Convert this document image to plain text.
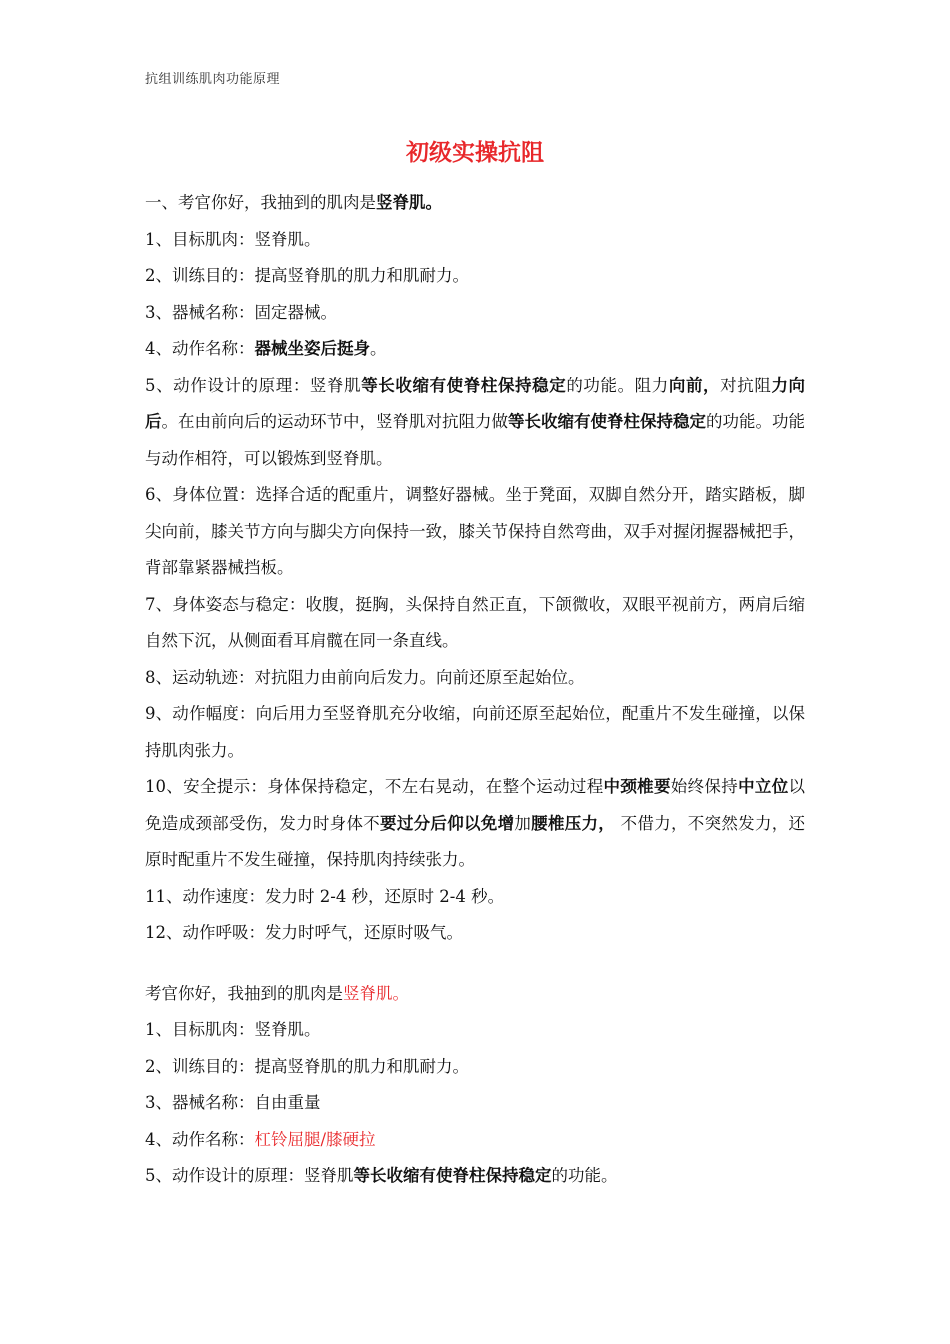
抗组训练肌肉功能原理
初级实操抗阻

一、考官你好，我抽到的肌肉是竖脊肌。

1、目标肌肉：竖脊肌。

2、训练目的：提高竖脊肌的肌力和肌耐力。

3、器械名称：固定器械。

4、动作名称：器械坐姿后挺身。

5、动作设计的原理：竖脊肌等长收缩有使脊柱保持稳定的功能。阻力向前，对抗阻力向后。在由前向后的运动环节中，竖脊肌对抗阻力做等长收缩有使脊柱保持稳定的功能。功能与动作相符，可以锻炼到竖脊肌。

6、身体位置：选择合适的配重片，调整好器械。坐于凳面，双脚自然分开，踏实踏板，脚尖向前，膝关节方向与脚尖方向保持一致，膝关节保持自然弯曲，双手对握闭握器械把手，背部靠紧器械挡板。

7、身体姿态与稳定：收腹，挺胸，头保持自然正直，下颌微收，双眼平视前方，两肩后缩自然下沉，从侧面看耳肩髋在同一条直线。

8、运动轨迹：对抗阻力由前向后发力。向前还原至起始位。

9、动作幅度：向后用力至竖脊肌充分收缩，向前还原至起始位，配重片不发生碰撞，以保持肌肉张力。

10、安全提示：身体保持稳定，不左右晃动，在整个运动过程中颈椎要始终保持中立位以免造成颈部受伤，发力时身体不要过分后仰以免增加腰椎压力， 不借力，不突然发力，还原时配重片不发生碰撞，保持肌肉持续张力。

11、动作速度：发力时 2-4 秒，还原时 2-4 秒。

12、动作呼吸：发力时呼气，还原时吸气。

考官你好，我抽到的肌肉是竖脊肌。

1、目标肌肉：竖脊肌。

2、训练目的：提高竖脊肌的肌力和肌耐力。

3、器械名称：自由重量

4、动作名称：杠铃屈腿/膝硬拉

5、动作设计的原理：竖脊肌等长收缩有使脊柱保持稳定的功能。
